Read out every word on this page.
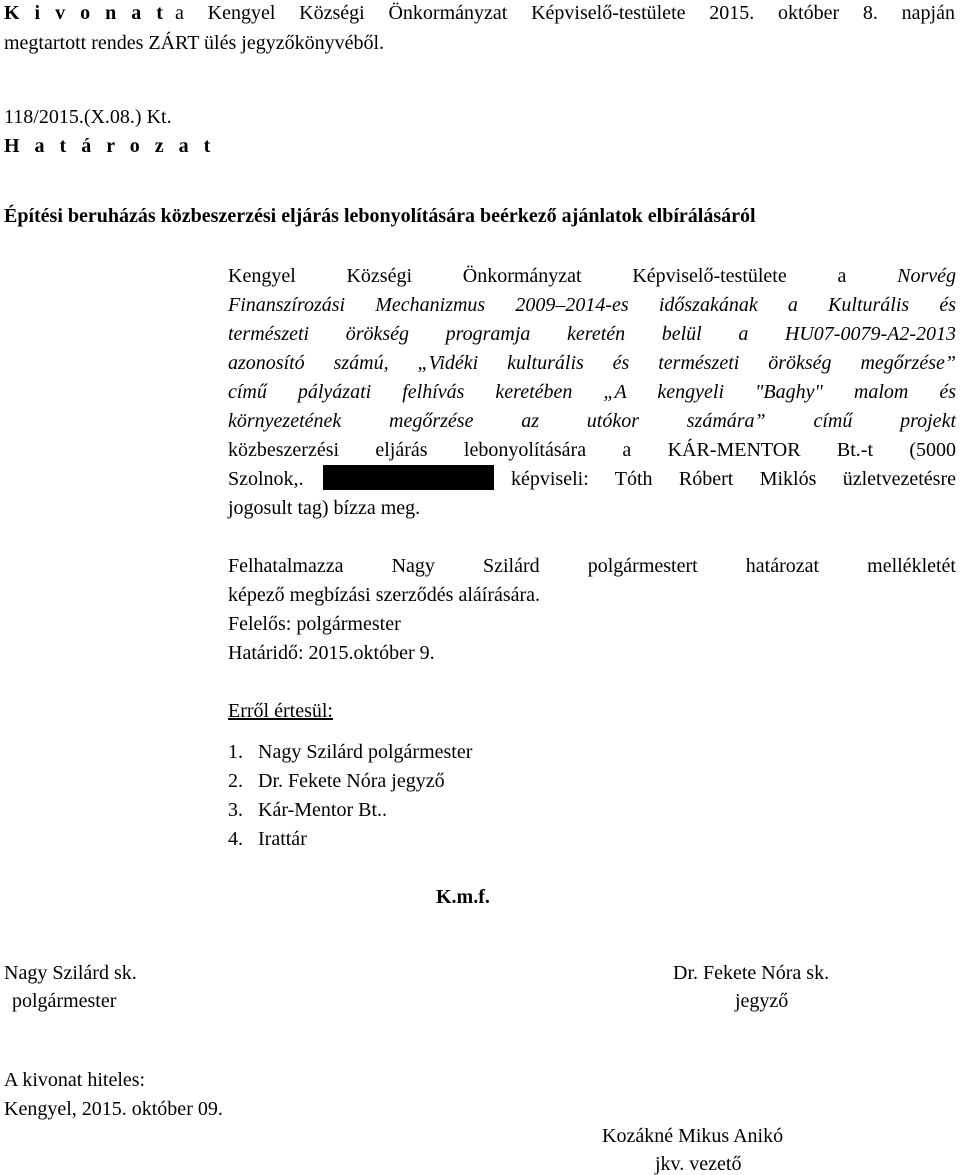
K i v o n a t a Kengyel Községi Önkormányzat Képviselő-testülete 2015. október 8. napján
megtartott rendes ZÁRT ülés jegyzőkönyvéből.
118/2015.(X.08.) Kt.
H a t á r o z a t
Építési beruházás közbeszerzési eljárás lebonyolítására beérkező ajánlatok elbírálásáról
Kengyel Községi Önkormányzat Képviselő-testülete a	Norvég
Finanszírozási Mechanizmus 2009–2014-es időszakának a Kulturális és
természeti örökség programja keretén belül a HU07-0079-A2-2013
azonosító számú, „Vidéki kulturális és természeti örökség megőrzése”
című pályázati felhívás keretében „A kengyeli "Baghy" malom és
környezetének megőrzése az utókor számára” című projekt
közbeszerzési eljárás lebonyolítására a KÁR-MENTOR Bt.-t (5000
Szolnok,.	képviseli: Tóth Róbert Miklós üzletvezetésre
jogosult tag) bízza meg.
Felhatalmazza Nagy Szilárd polgármestert határozat mellékletét
képező megbízási szerződés aláírására.
Felelős: polgármester
Határidő: 2015.október 9.
Erről értesül:
1. Nagy Szilárd polgármester
2. Dr. Fekete Nóra jegyző
3. Kár-Mentor Bt..
4. Irattár
K.m.f.
Nagy Szilárd sk.
polgármester
Dr. Fekete Nóra sk.
jegyző
A kivonat hiteles:
Kengyel, 2015. október 09.
Kozákné Mikus Anikó
jkv. vezető
